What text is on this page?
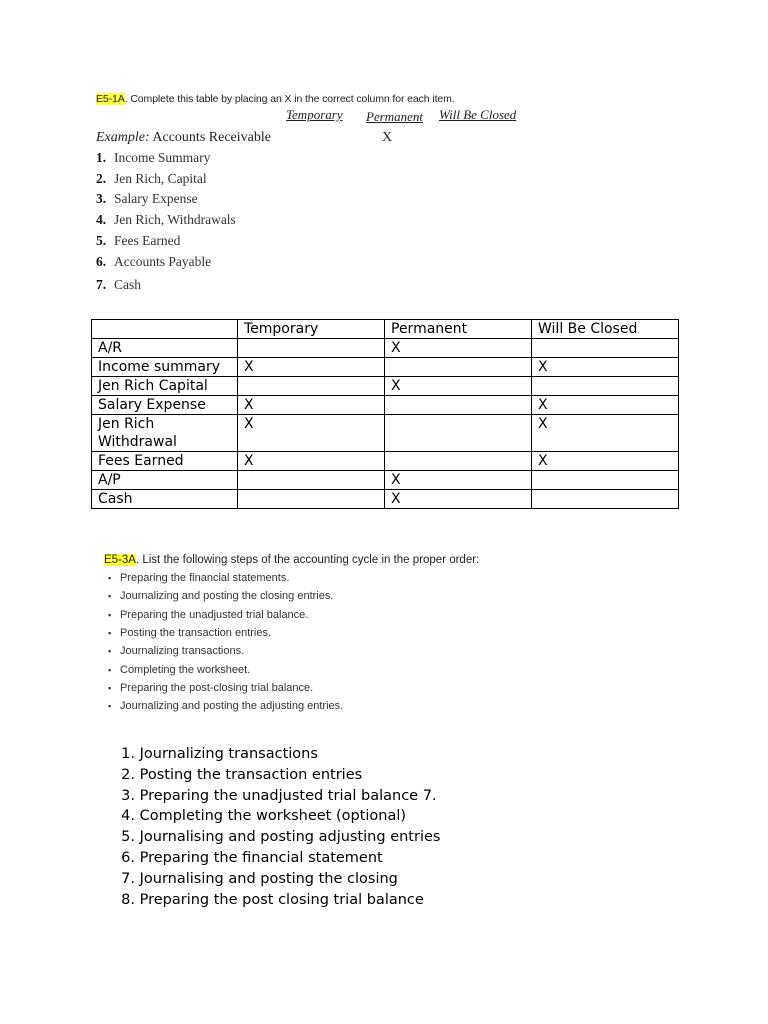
E5-1A. Complete this table by placing an X in the correct column for each item.
Temporary Permanent Will Be Closed
Example: Accounts Receivable	X
1. Income Summary
2. Jen Rich, Capital
3. Salary Expense
4. Jen Rich, Withdrawals
5. Fees Earned
6. Accounts Payable
7. Cash
	Temporary	Permanent	Will Be Closed
A/R		X	
Income summary	X		X
Jen Rich Capital		X	
Salary Expense	X		X
Jen Rich Withdrawal	X		X
Fees Earned	X		X
A/P		X	
Cash		X	
E5-3A. List the following steps of the accounting cycle in the proper order:
▪ Preparing the financial statements.
▪ Journalizing and posting the closing entries.
▪ Preparing the unadjusted trial balance.
▪ Posting the transaction entries.
▪ Journalizing transactions.
▪ Completing the worksheet.
▪ Preparing the post-closing trial balance.
▪ Journalizing and posting the adjusting entries.
1. Journalizing transactions
2. Posting the transaction entries
3. Preparing the unadjusted trial balance 7.
4. Completing the worksheet (optional)
5. Journalising and posting adjusting entries
6. Preparing the financial statement
7. Journalising and posting the closing
8. Preparing the post closing trial balance
